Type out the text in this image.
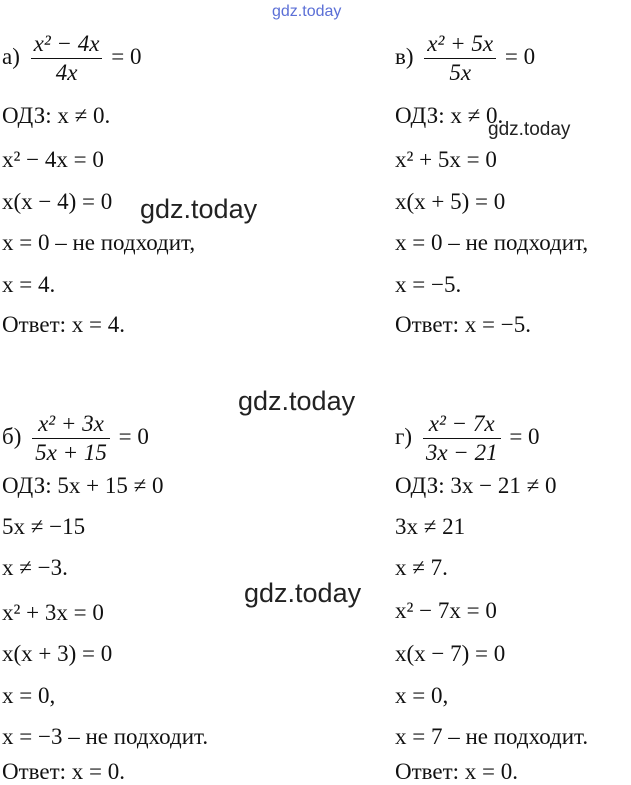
gdz.today
gdz.today
gdz.today
gdz.today
gdz.today
$а) \frac{\text{x² − 4x}}{4x} = 0$
ОДЗ: x ≠ 0.
x² − 4x = 0
x(x − 4) = 0
x = 0 – не подходит,
x = 4.
Ответ: x = 4.
$в) \frac{\text{x² + 5x}}{5x} = 0$
ОДЗ: x ≠ 0.
x² + 5x = 0
x(x + 5) = 0
x = 0 – не подходит,
x = −5.
Ответ: x = −5.
$б) \frac{\text{x² + 3x}}{5x + 15} = 0$
ОДЗ: 5x + 15 ≠ 0
5x ≠ −15
x ≠ −3.
x² + 3x = 0
x(x + 3) = 0
x = 0,
x = −3 – не подходит.
Ответ: x = 0.
$г) \frac{\text{x² − 7x}}{3x - 21} = 0$
ОДЗ: 3x − 21 ≠ 0
3x ≠ 21
x ≠ 7.
x² − 7x = 0
x(x − 7) = 0
x = 0,
x = 7 – не подходит.
Ответ: x = 0.
